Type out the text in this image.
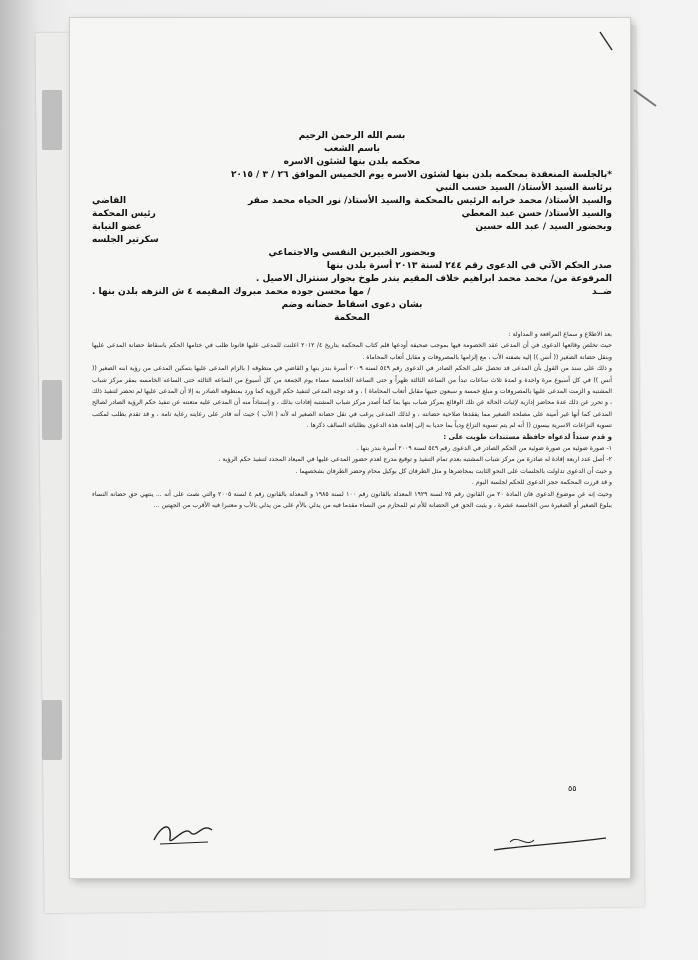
بسم الله الرحمن الرحيم
باسم الشعب
محكمه بلدن بنها لشئون الاسره
*بالجلسة المنعقدة بمحكمه بلدن بنها لشئون الاسره يوم الخميس الموافق ٢٦ / ٣ / ٢٠١٥
برئاسة السيد الأستاذ/ السيد حسب النبي
والسيد الأستاذ/ محمد خرابه الرئيس بالمحكمة والسيد الأستاذ/ نور الحياه محمد صقر
القاضي
والسيد الأستاذ/ حسن عبد المعطي
رئيس المحكمة
وبحضور السيد / عبد الله حسين
عضو النيابة
سكرتير الجلسه
وبحضور الخبيرين النفسي والاجتماعي
صدر الحكم الآتي في الدعوى رقم ٢٤٤ لسنة ٢٠١٣ أسرة بلدن بنها
المرفوعة من/ محمد محمد ابراهيم خلاف المقيم بندر طوخ بجوار سنترال الاصيل .
ضــد
/ مها محسن جوده محمد مبروك المقيمه ٤ ش النزهه بلدن بنها .
بشان دعوى اسقاط حضانه وضم
المحكمة

بعد الاطلاع و سماع المرافعة و المداولة :

حيث تخلص وقائعها الدعوى في أن المدعى عقد الخصومة فيها بموجب صحيفة أودعها قلم كتاب المحكمة بتاريخ ٤/ ٢٠١٢ اعلنت للمدعى عليها قانونا طلب في ختامها الحكم باسقاط حضانة المدعى عليها وبنقل حضانة الصغير (( أنس )) إليه بصفته الأب ، مع إلزامها بالمصروفات و مقابل أتعاب المحاماة .

و ذلك على سند من القول بأن المدعى قد تحصل على الحكم الصادر في الدعوى رقم ٥٤٩ لسنة ٢٠٠٩ أسرة بندر بنها و القاضي في منطوقه ( بالزام المدعى عليها بتمكين المدعى من رؤية ابنه الصغير (( أنس )) في كل أسبوع مرة واحدة و لمدة ثلاث ساعات تبدأ من الساعة الثالثة ظهراً و حتى الساعة الخامسة مساء يوم الجمعة من كل أسبوع من الساعه الثالثه حتى الساعه الخامسه بمقر مركز شباب المشتبه و الزمت المدعى عليها بالمصروفات و مبلغ خمسة و سبعون جنيها مقابل أتعاب المحاماة ) ، و قد توجه المدعى لتنفيذ حكم الرؤية كما ورد بمنطوقه الصادر به إلا أن المدعى عليها لم تحضر لتنفيذ ذلك ، و تحرر عن ذلك عدة محاضر إدارية لإثبات الحالة عن تلك الوقائع بمركز شباب بنها بما كما أصدر مركز شباب المشتبه إفادات بذلك ، و إستناداً منه أن المدعى عليه متعنته عن تنفيذ حكم الرؤية الصادر لصالح المدعى كما أنها غير أمينة على مصلحة الصغير مما يفقدها صلاحية حضانته ، و لذلك المدعى يرغب في نقل حضانة الصغير له لأنه ( الأب ) حيث أنه قادر على رعايته رعاية تامة ، و قد تقدم بطلب لمكتب تسوية النزاعات الاسرية بيسون (( أنه لم يتم تسوية النزاع ودياً بما حديا به إلى إقامة هذه الدعوى بطلباته السالف ذكرها .

و قدم سنداً لدعواه حافظة مستندات طويت على :

١- صورة ضوئية من صورة ضوئية من الحكم الصادر في الدعوى رقم ٥٤٩ لسنة ٢٠٠٩ أسرة بندر بنها .

٢- أصل عدد اربعة إفادة له صادرة من مركز شباب المشتبه بعدم تمام التنفيذ و توقيع مدرج لعدم حضور المدعى عليها في الميعاد المحدد لتنفيذ حكم الرؤية .

و حيث أن الدعوى تداولت بالجلسات على النحو الثابت بمحاضرها و مثل الطرفان كل بوكيل محام وحضر الطرفان بشخصهما .

و قد قررت المحكمة حجز الدعوى للحكم لجلسة اليوم .

وحيث إنه عن موضوع الدعوى فان المادة ٢٠ من القانون رقم ٢٥ لسنة ١٩٢٩ المعدلة بالقانون رقم ١٠٠ لسنة ١٩٨٥ و المعدلة بالقانون رقم ٤ لسنة ٢٠٠٥ والتي نصت على أنه ... ينتهي حق حضانة النساء ببلوغ الصغير أو الصغيرة سن الخامسة عشرة ، و يثبت الحق في الحضانة للأم ثم للمحارم من النساء مقدما فيه من يدلي بالأم على من يدلي بالأب و معتبرا فيه الأقرب من الجهتين ...

٥٥
